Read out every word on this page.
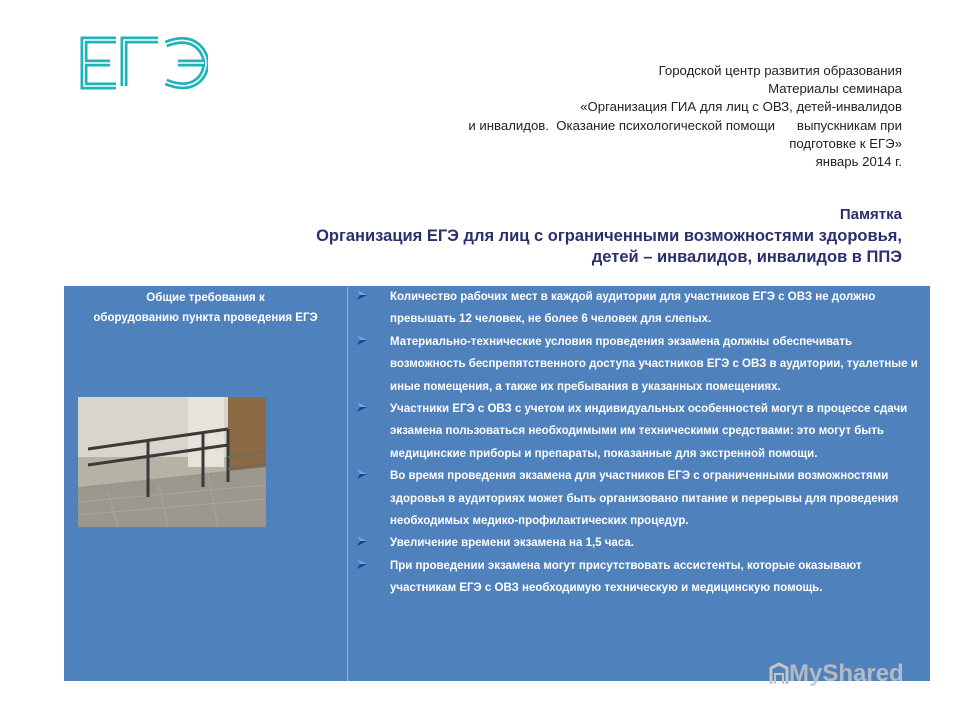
Городской центр развития образования
Материалы семинара
«Организация ГИА для лиц с ОВЗ, детей-инвалидов
и инвалидов.  Оказание психологической помощи      выпускникам при
подготовке к ЕГЭ»
январь 2014 г.
Памятка
Организация ЕГЭ для лиц с ограниченными возможностями здоровья,
детей – инвалидов, инвалидов в ППЭ
Общие требования к
оборудованию пункта проведения ЕГЭ
Количество рабочих мест в каждой аудитории для участников ЕГЭ с ОВЗ не должно превышать 12 человек, не более 6 человек для слепых.
Материально-технические условия проведения экзамена должны обеспечивать возможность беспрепятственного доступа участников ЕГЭ с ОВЗ в аудитории, туалетные и иные помещения, а также их пребывания в указанных помещениях.
Участники ЕГЭ с ОВЗ с учетом их индивидуальных особенностей могут в процессе сдачи экзамена пользоваться необходимыми им техническими средствами: это могут быть медицинские приборы и препараты, показанные для экстренной помощи.
Во время проведения экзамена для участников ЕГЭ с ограниченными возможностями здоровья в аудиториях может быть организовано питание и перерывы для проведения необходимых медико-профилактических процедур.
Увеличение времени экзамена на 1,5 часа.
При проведении экзамена могут присутствовать ассистенты, которые оказывают участникам ЕГЭ с ОВЗ необходимую техническую и медицинскую помощь.
MyShared
